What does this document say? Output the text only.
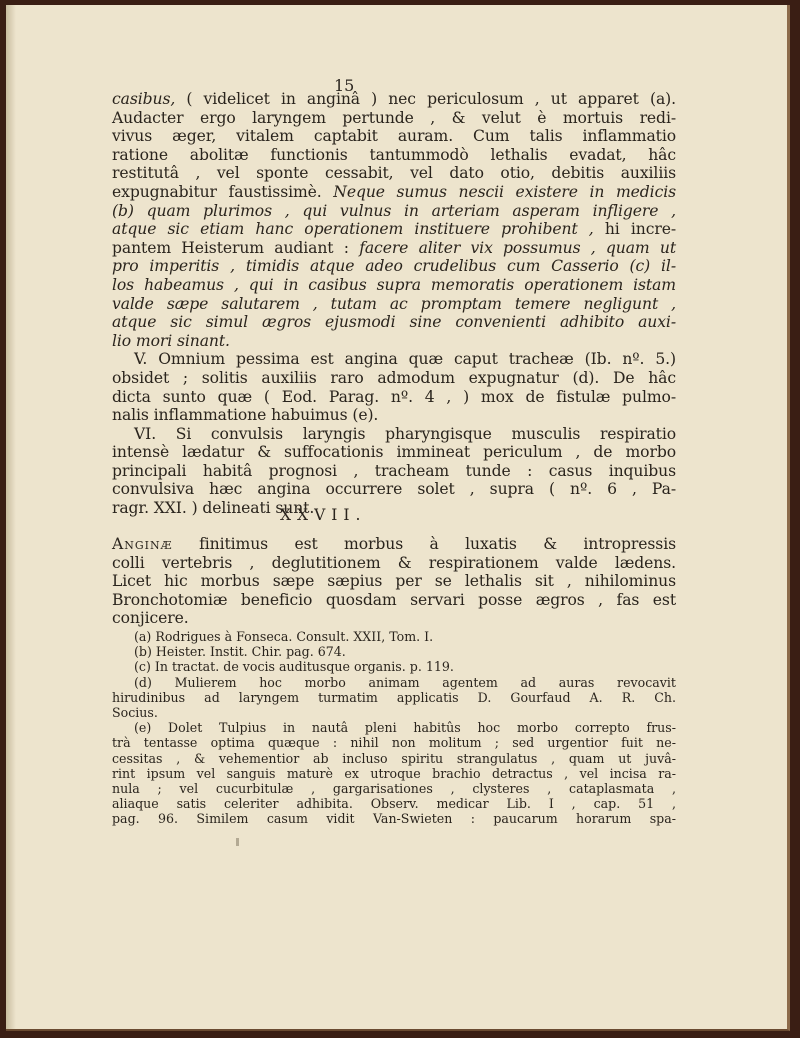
15

casibus, ( videlicet in anginâ ) nec periculosum , ut apparet (a).

Audacter ergo laryngem pertunde , & velut è mortuis redi-

vivus æger, vitalem captabit auram. Cum talis inflammatio

ratione abolitæ functionis tantummodò lethalis evadat, hâc

restitutâ , vel sponte cessabit, vel dato otio, debitis auxiliis

expugnabitur faustissimè. Neque sumus nescii existere in medicis

(b) quam plurimos , qui vulnus in arteriam asperam infligere ,

atque sic etiam hanc operationem instituere prohibent , hi incre-

pantem Heisterum audiant : facere aliter vix possumus , quam ut

pro imperitis , timidis atque adeo crudelibus cum Casserio (c) il-

los habeamus , qui in casibus supra memoratis operationem istam

valde sæpe salutarem , tutam ac promptam temere negligunt ,

atque sic simul ægros ejusmodi sine convenienti adhibito auxi-

lio mori sinant.

V. Omnium pessima est angina quæ caput tracheæ (Ib. nº. 5.)

obsidet ; solitis auxiliis raro admodum expugnatur (d). De hâc

dicta sunto quæ ( Eod. Parag. nº. 4 , ) mox de fistulæ pulmo-

nalis inflammatione habuimus (e).

VI. Si convulsis laryngis pharyngisque musculis respiratio

intensè lædatur & suffocationis immineat periculum , de morbo

principali habitâ prognosi , tracheam tunde : casus inquibus

convulsiva hæc angina occurrere solet , supra ( nº. 6 , Pa-

ragr. XXI. ) delineati sunt.

XXVII.

Anginæ finitimus est morbus à luxatis & intropressis

colli vertebris , deglutitionem & respirationem valde lædens.

Licet hic morbus sæpe sæpius per se lethalis sit , nihilominus

Bronchotomiæ beneficio quosdam servari posse ægros , fas est

conjicere.

(a) Rodrigues à Fonseca. Consult. XXII, Tom. I.

(b) Heister. Instit. Chir. pag. 674.

(c) In tractat. de vocis auditusque organis. p. 119.

(d) Mulierem hoc morbo animam agentem ad auras revocavit

hirudinibus ad laryngem turmatim applicatis D. Gourfaud A. R. Ch.

Socius.

(e) Dolet Tulpius in nautâ pleni habitûs hoc morbo correpto frus-

trà tentasse optima quæque : nihil non molitum ; sed urgentior fuit ne-

cessitas , & vehementior ab incluso spiritu strangulatus , quam ut juvâ-

rint ipsum vel sanguis maturè ex utroque brachio detractus , vel incisa ra-

nula ; vel cucurbitulæ , gargarisationes , clysteres , cataplasmata ,

aliaque satis celeriter adhibita. Observ. medicar Lib. I , cap. 51 ,

pag. 96. Similem casum vidit Van-Swieten : paucarum horarum spa-
